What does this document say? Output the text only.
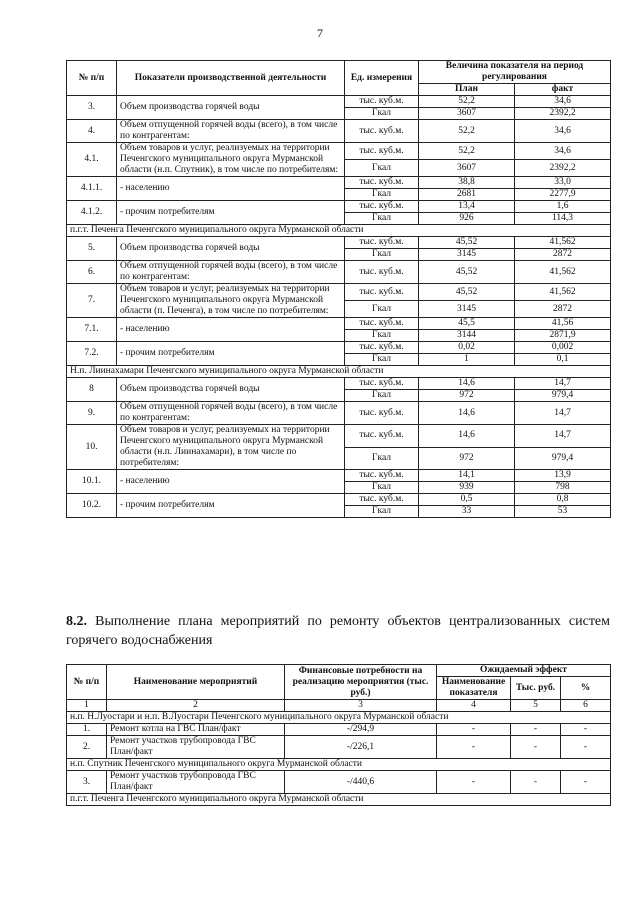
7
№ п/п	Показатели производственной деятельности	Ед. измерения	Величина показателя на период регулирования	
			План	факт
3.	Объем производства горячей воды	тыс. куб.м.	52,2	34,6
		Гкал	3607	2392,2
4.	Объем отпущенной горячей воды (всего), в том числе по контрагентам:	тыс. куб.м.	52,2	34,6
4.1.	Объем товаров и услуг, реализуемых на территории Печенгского муниципального округа Мурманской области (н.п. Спутник), в том числе по потребителям:	тыс. куб.м.	52,2	34,6
		Гкал	3607	2392,2
4.1.1.	- населению	тыс. куб.м.	38,8	33,0
		Гкал	2681	2277,9
4.1.2.	- прочим потребителям	тыс. куб.м.	13,4	1,6
		Гкал	926	114,3
п.г.т. Печенга Печенгского муниципального округа Мурманской области				
5.	Объем производства горячей воды	тыс. куб.м.	45,52	41,562
		Гкал	3145	2872
6.	Объем отпущенной горячей воды (всего), в том числе по контрагентам:	тыс. куб.м.	45,52	41,562
7.	Объем товаров и услуг, реализуемых на территории Печенгского муниципального округа Мурманской области (п. Печенга), в том числе по потребителям:	тыс. куб.м.	45,52	41,562
		Гкал	3145	2872
7.1.	- населению	тыс. куб.м.	45,5	41,56
		Гкал	3144	2871,9
7.2.	- прочим потребителям	тыс. куб.м.	0,02	0,002
		Гкал	1	0,1
Н.п. Лиинахамари Печенгского муниципального округа Мурманской области				
8	Объем производства горячей воды	тыс. куб.м.	14,6	14,7
		Гкал	972	979,4
9.	Объем отпущенной горячей воды (всего), в том числе по контрагентам:	тыс. куб.м.	14,6	14,7
10.	Объем товаров и услуг, реализуемых на территории Печенгского муниципального округа Мурманской области (н.п. Лиинахамари), в том числе по потребителям:	тыс. куб.м.	14,6	14,7
		Гкал	972	979,4
10.1.	- населению	тыс. куб.м.	14,1	13,9
		Гкал	939	798
10.2.	- прочим потребителям	тыс. куб.м.	0,5	0,8
		Гкал	33	53
8.2. Выполнение плана мероприятий по ремонту объектов централизованных систем горячего водоснабжения
№ п/п	Наименование мероприятий	Финансовые потребности на реализацию мероприятия (тыс. руб.)	Ожидаемый эффект		
			Наименование показателя	Тыс. руб.	%
1	2	3	4	5	6
н.п. Н.Луостари и н.п. В.Луостари Печенгского муниципального округа Мурманской области					
1.	Ремонт котла на ГВС План/факт	-/294,9	-	-	-
2.	Ремонт участков трубопровода ГВС План/факт	-/226,1	-	-	-
н.п. Спутник Печенгского муниципального округа Мурманской области					
3.	Ремонт участков трубопровода ГВС План/факт	-/440,6	-	-	-
п.г.т. Печенга Печенгского муниципального округа Мурманской области					
